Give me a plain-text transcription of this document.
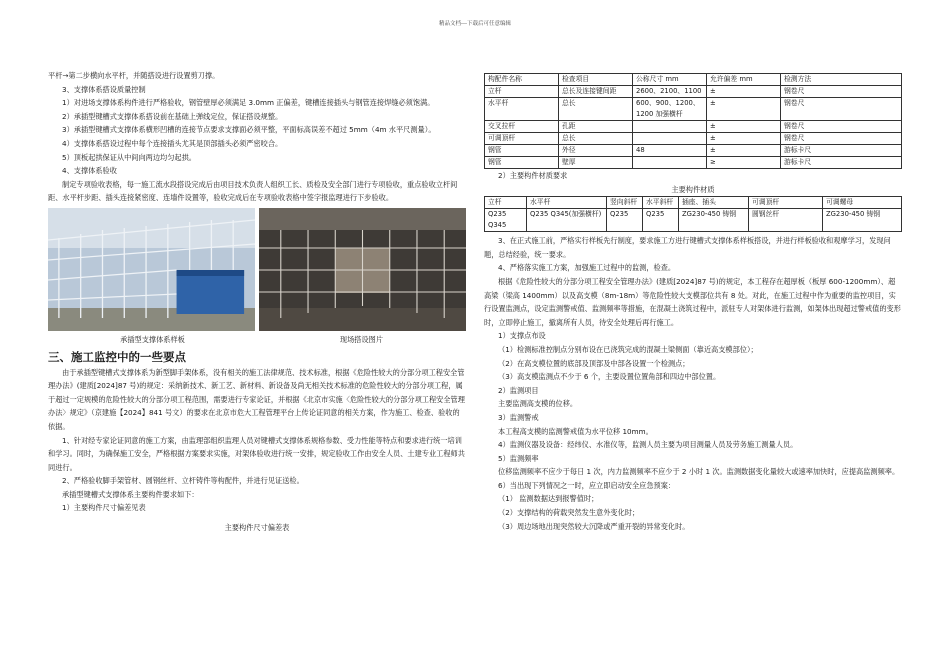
精品文档---下载后可任意编辑

平杆→第二步横向水平杆，并随搭设进行设置剪刀撑。

3、支撑体系搭设质量控制

1）对进场支撑体系构件进行严格验收，钢管壁厚必须满足 3.0mm 正偏差，键槽连接插头与钢管连接焊缝必须饱满。

2）承插型键槽式支撑体系搭设前在基础上弹线定位，保证搭设规整。

3）承插型键槽式支撑体系横形凹槽的连接节点要求支撑面必须平整，平面标高误差不超过 5mm（4m 水平尺测量）。

4）支撑体系搭设过程中每个连接插头尤其是顶部插头必须严密咬合。

5）顶板起拱保证从中间向两边均匀起拱。

4、支撑体系验收

制定专项验收表格，每一施工流水段搭设完成后由项目技术负责人组织工长、质检及安全部门进行专项验收，重点验收立杆间距、水平杆步距、插头连接紧密度、连墙件设置等，验收完成后在专项验收表格中签字报监理进行下步验收。

承插型支撑体系样板	现场搭设图片
三、施工监控中的一些要点

由于承插型键槽式支撑体系为新型脚手架体系，没有相关的施工法律规范、技术标准，根据《危险性较大的分部分项工程安全管理办法》(建质[2024]87 号)的规定：采纳新技术、新工艺、新材料、新设备及尚无相关技术标准的危险性较大的分部分项工程，属于超过一定规模的危险性较大的分部分项工程范围，需要进行专家论证，并根据《北京市实施〈危险性较大的分部分项工程安全管理办法〉规定》（京建施【2024】841 号文）的要求在北京市危大工程管理平台上传论证同意的相关方案，作为施工、检查、验收的依据。

1、针对经专家论证同意的施工方案，由监理部组织监理人员对键槽式支撑体系规格参数、受力性能等特点和要求进行统一培训和学习。同时，为确保施工安全，严格根据方案要求实施，对架体验收进行统一安排，规定验收工作由安全人员、土建专业工程师共同进行。

2、严格验收脚手架管材、圆钢丝杆、立杆铸件等构配件，并进行见证送检。

承插型键槽式支撑体系主要构件要求如下：

1）主要构件尺寸偏差见表

主要构件尺寸偏差表

构配件名称	检查项目	公称尺寸 mm	允许偏差 mm	检测方法
立杆	总长及连接键间距	2600、2100、1100	±	钢卷尺
水平杆	总长	600、900、1200、1200 加强横杆	±	钢卷尺
交叉拉杆	孔距		±	钢卷尺
可调顶杆	总长		±	钢卷尺
钢管	外径	48	±	游标卡尺
钢管	壁厚		≥	游标卡尺

2）主要构件材质要求

主要构件材质

立杆	水平杆	竖向斜杆	水平斜杆	插座、插头	可调顶杆	可调螺母
Q235 Q345	Q235 Q345(加强横杆)	Q235	Q235	ZG230-450 铸钢	圆钢丝杆	ZG230-450 铸钢

3、在正式施工前，严格实行样板先行制度，要求施工方进行键槽式支撑体系样板搭设，并进行样板验收和观摩学习，发现问题，总结经验，统一要求。

4、严格落实施工方案，加强施工过程中的监测，检查。

根据《危险性较大的分部分项工程安全管理办法》(建质[2024]87 号)的规定，本工程存在超厚板（板厚 600-1200mm）、超高梁（梁高 1400mm）以及高支模（8m-18m）等危险性较大支模部位共有 8 处。对此，在施工过程中作为重要的监控项目，实行设置监测点，设定监测警戒值、监测频率等措施，在混凝土浇筑过程中，派驻专人对架体进行监测，如架体出现超过警戒值的变形时，立即停止施工，撤离所有人员，待安全处理后再行施工。

1）支撑点布设

（1）检测标准控制点分别布设在已浇筑完成的混凝土梁侧面（靠近高支模部位）；

（2）在高支模位置的底部及顶部及中部各设置一个检测点；

（3）高支模监测点不少于 6 个，主要设置位置角部和四边中部位置。

2）监测项目

主要监测高支模的位移。

3）监测警戒

本工程高支模的监测警戒值为水平位移 10mm。

4）监测仪器及设备：经纬仪、水准仪等，监测人员主要为项目测量人员及劳务施工测量人员。

5）监测频率

位移监测频率不应少于每日 1 次，内力监测频率不应少于 2 小时 1 次。监测数据变化量较大或速率加快时，应提高监测频率。

6）当出现下列情况之一时，应立即启动安全应急预案：

（1） 监测数据达到报警值时；

（2）支撑结构的荷载突然发生意外变化时；

（3）周边场地出现突然较大沉降或严重开裂的异常变化时。
